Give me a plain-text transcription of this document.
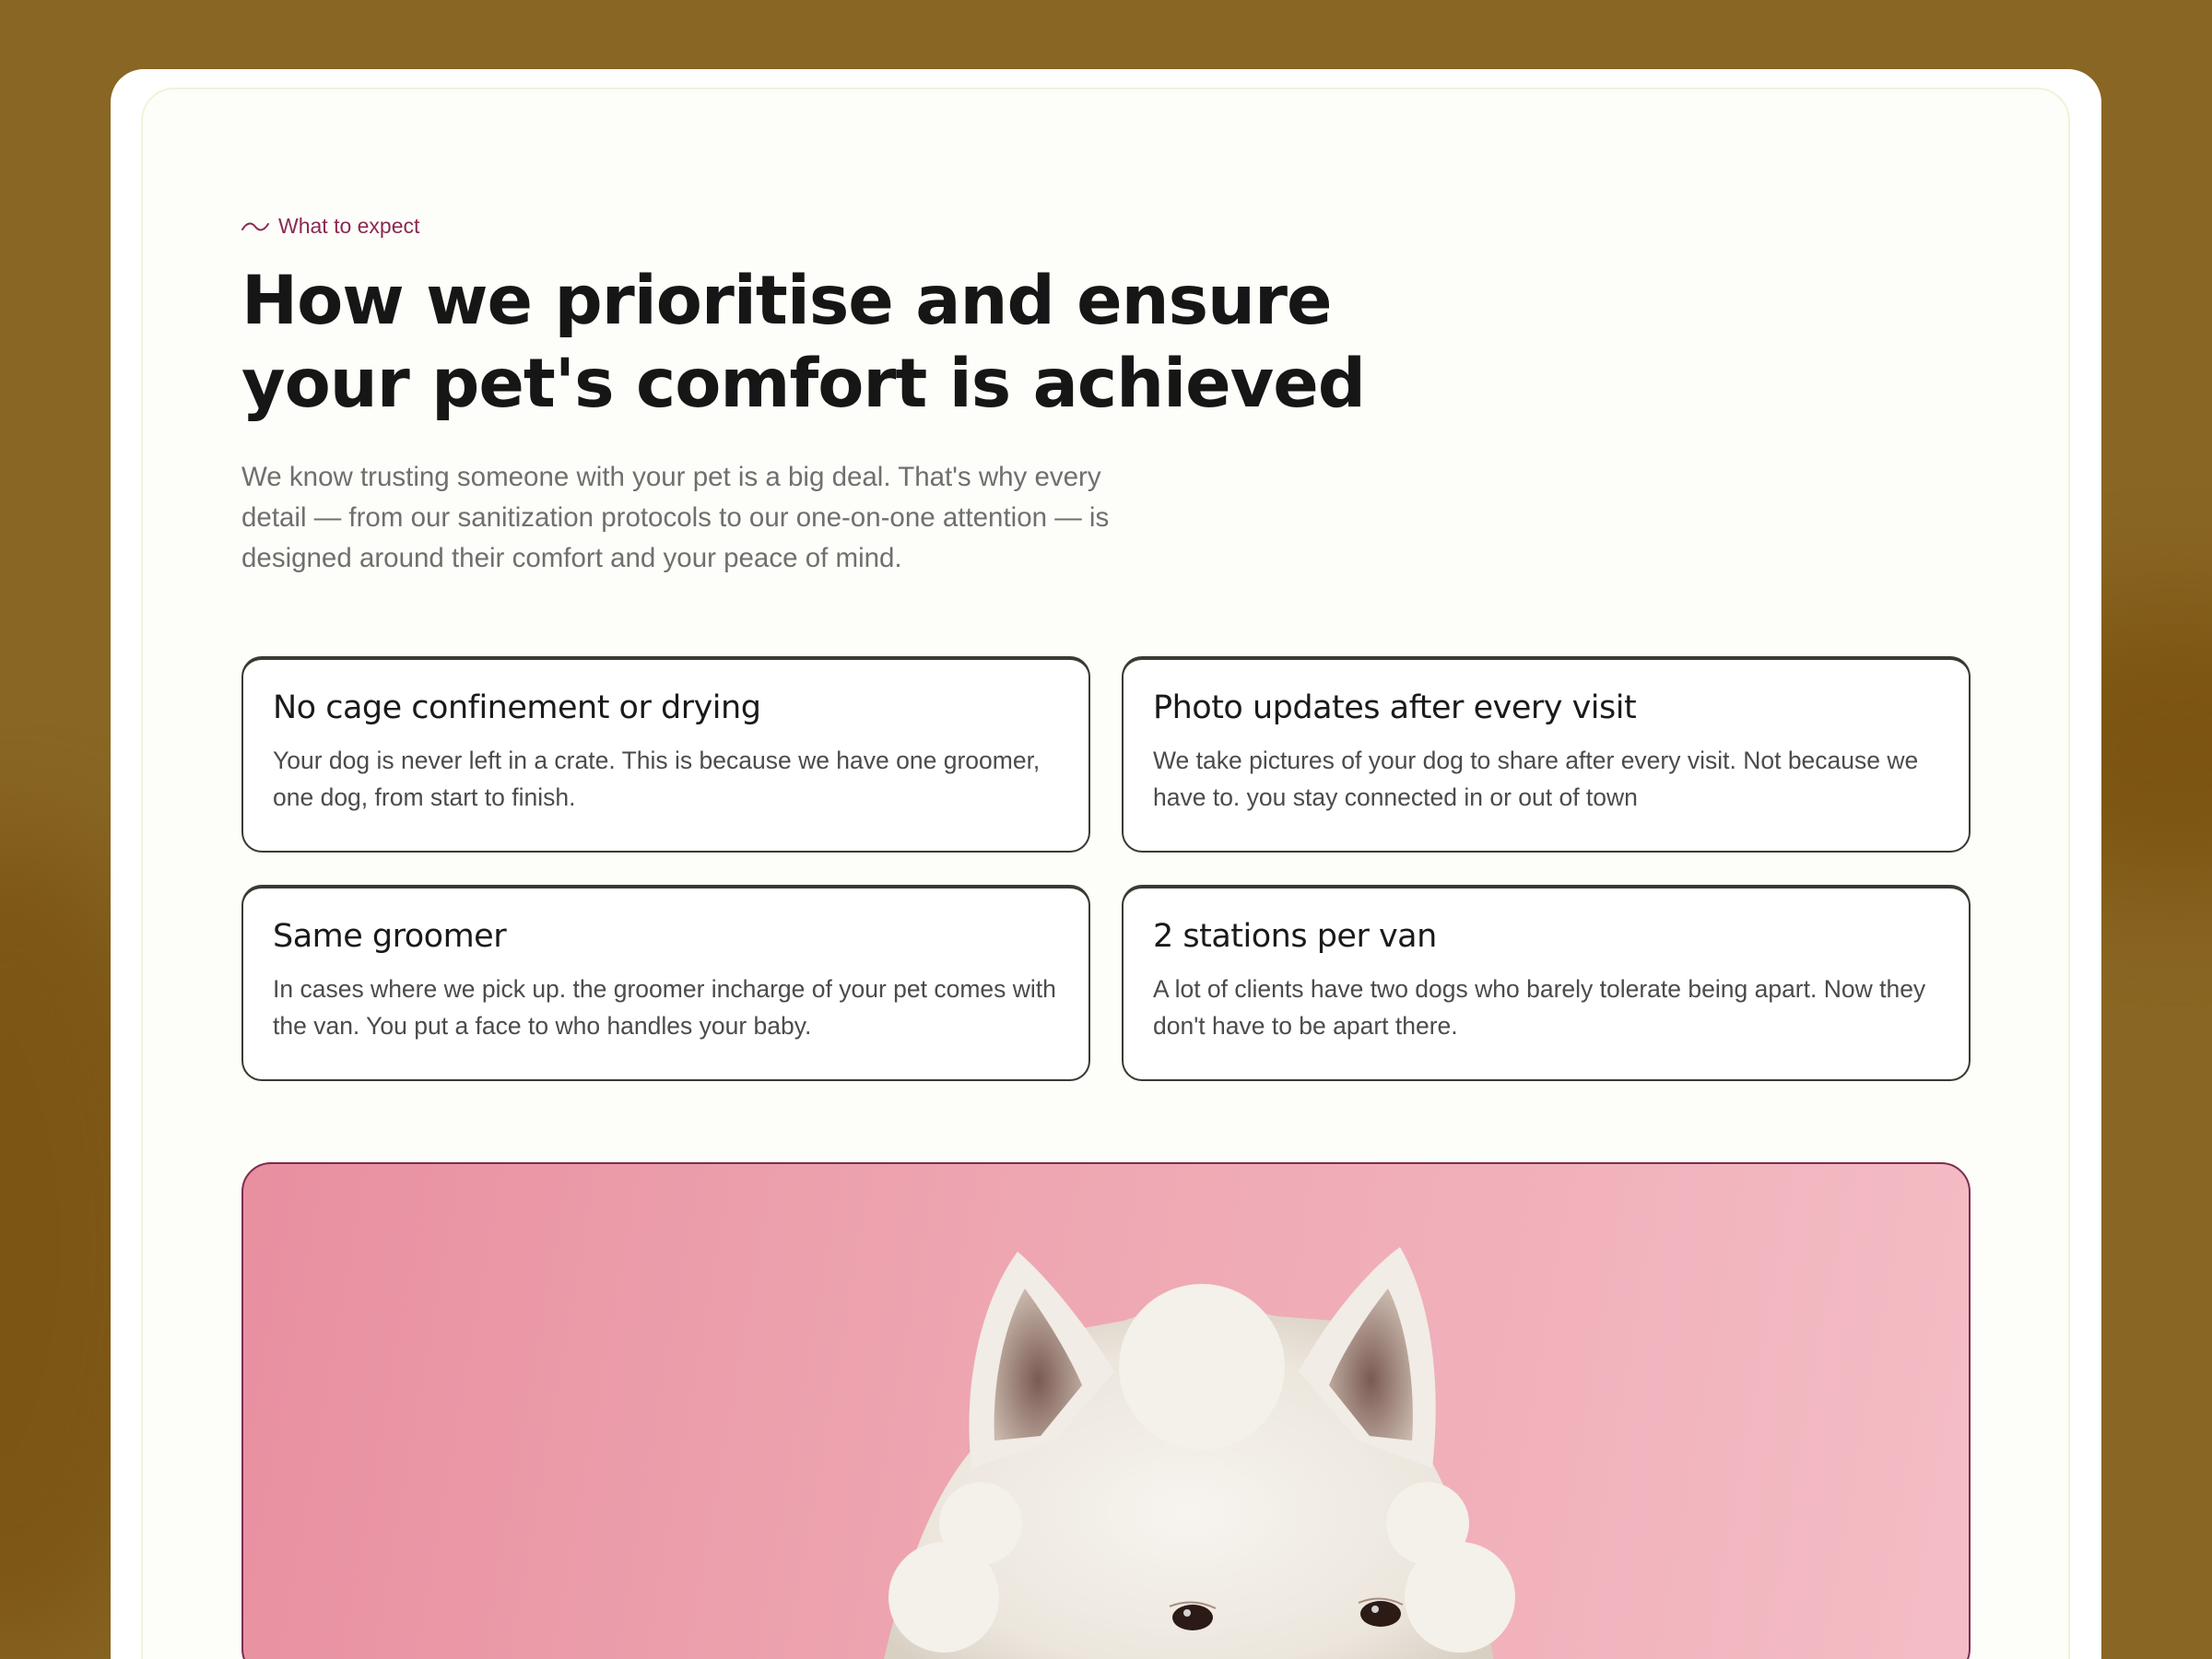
What to expect
How we prioritise and ensure your pet's comfort is achieved

We know trusting someone with your pet is a big deal. That's why every detail — from our sanitization protocols to our one-on-one attention — is designed around their comfort and your peace of mind.

No cage confinement or drying

Your dog is never left in a crate. This is because we have one groomer, one dog, from start to finish.

Photo updates after every visit

We take pictures of your dog to share after every visit. Not because we have to. you stay connected in or out of town

Same groomer

In cases where we pick up. the groomer incharge of your pet comes with the van. You put a face to who handles your baby.

2 stations per van

A lot of clients have two dogs who barely tolerate being apart. Now they don't have to be apart there.
